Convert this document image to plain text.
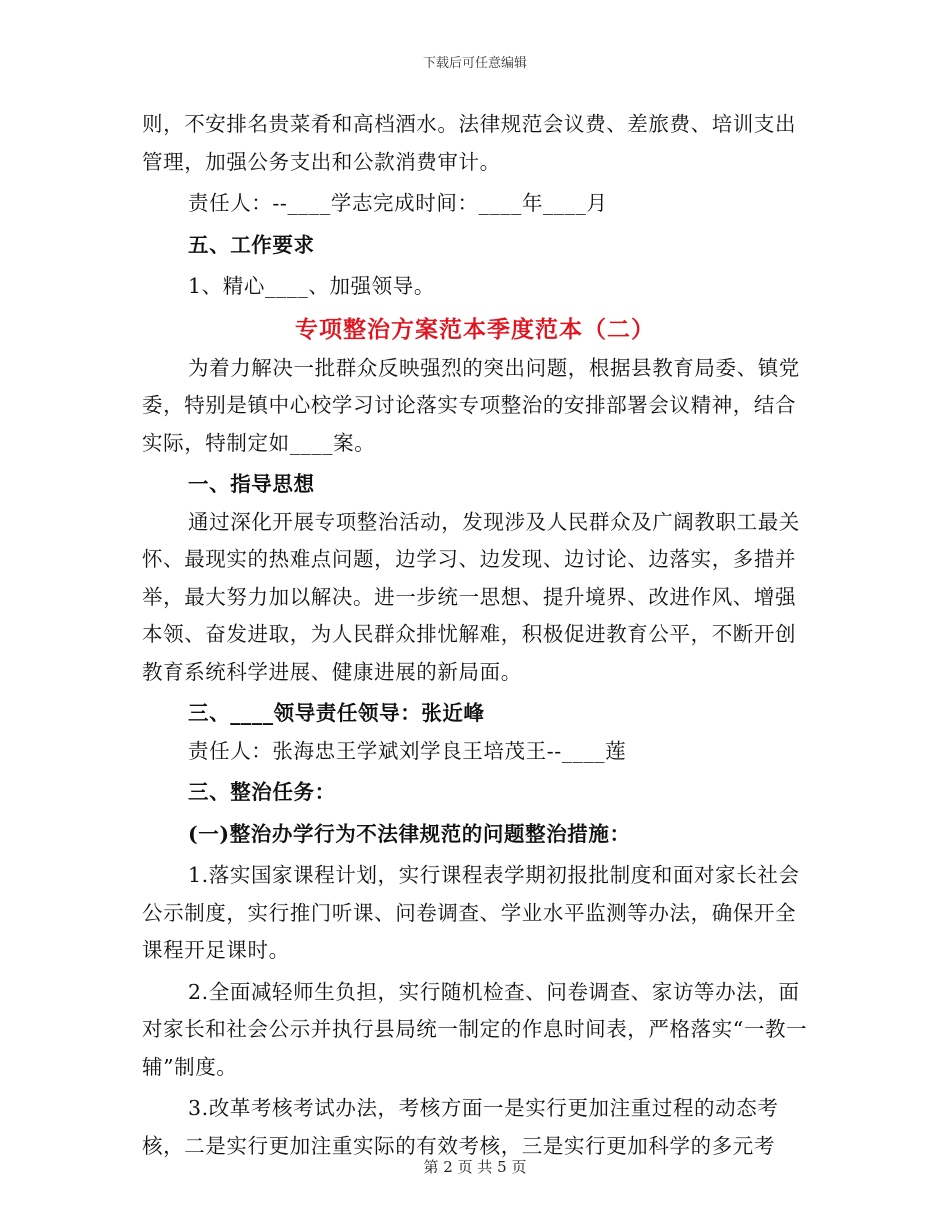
下载后可任意编辑

则，不安排名贵菜肴和高档酒水。法律规范会议费、差旅费、培训支出管理，加强公务支出和公款消费审计。

责任人：--____学志完成时间：____年____月

五、工作要求

1、精心____、加强领导。

专项整治方案范本季度范本（二）

为着力解决一批群众反映强烈的突出问题，根据县教育局委、镇党委，特别是镇中心校学习讨论落实专项整治的安排部署会议精神，结合实际，特制定如____案。

一、指导思想

通过深化开展专项整治活动，发现涉及人民群众及广阔教职工最关怀、最现实的热难点问题，边学习、边发现、边讨论、边落实，多措并举，最大努力加以解决。进一步统一思想、提升境界、改进作风、增强本领、奋发进取，为人民群众排忧解难，积极促进教育公平，不断开创教育系统科学进展、健康进展的新局面。

三、____领导责任领导：张近峰

责任人：张海忠王学斌刘学良王培茂王--____莲

三、整治任务：

(一)整治办学行为不法律规范的问题整治措施：

1.落实国家课程计划，实行课程表学期初报批制度和面对家长社会公示制度，实行推门听课、问卷调查、学业水平监测等办法，确保开全课程开足课时。

2.全面减轻师生负担，实行随机检查、问卷调查、家访等办法，面对家长和社会公示并执行县局统一制定的作息时间表，严格落实“一教一辅”制度。

3.改革考核考试办法，考核方面一是实行更加注重过程的动态考核，二是实行更加注重实际的有效考核，三是实行更加科学的多元考

第 2 页 共 5 页
